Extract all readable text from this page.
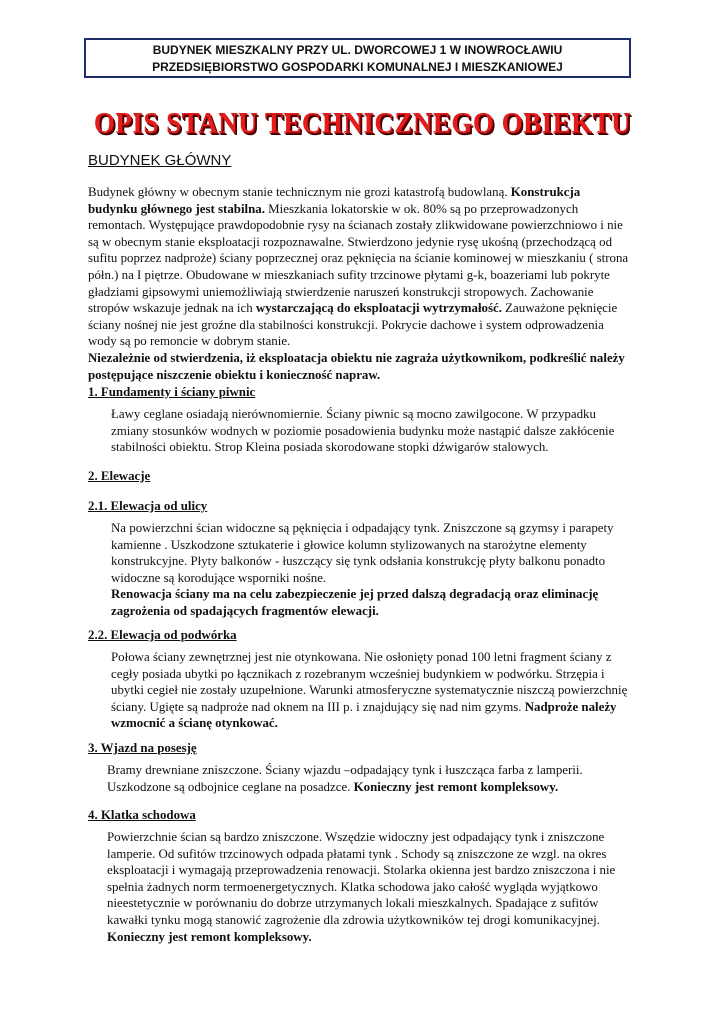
BUDYNEK MIESZKALNY PRZY UL. DWORCOWEJ 1 W INOWROCŁAWIU
PRZEDSIĘBIORSTWO GOSPODARKI KOMUNALNEJ I MIESZKANIOWEJ
OPIS STANU TECHNICZNEGO OBIEKTU
BUDYNEK GŁÓWNY

Budynek główny w obecnym stanie technicznym nie grozi katastrofą budowlaną. Konstrukcja budynku głównego jest stabilna. Mieszkania lokatorskie w ok. 80% są po przeprowadzonych remontach. Występujące prawdopodobnie rysy na ścianach zostały zlikwidowane powierzchniowo i nie są w obecnym stanie eksploatacji rozpoznawalne. Stwierdzono jedynie rysę ukośną (przechodzącą od sufitu poprzez nadproże) ściany poprzecznej oraz pęknięcia na ścianie kominowej w mieszkaniu ( strona półn.) na I piętrze. Obudowane w mieszkaniach sufity trzcinowe płytami g-k, boazeriami lub pokryte gładziami gipsowymi uniemożliwiają stwierdzenie naruszeń konstrukcji stropowych. Zachowanie stropów wskazuje jednak na ich wystarczającą do eksploatacji wytrzymałość. Zauważone pęknięcie ściany nośnej nie jest groźne dla stabilności konstrukcji. Pokrycie dachowe i system odprowadzenia wody są po remoncie w dobrym stanie.

Niezależnie od stwierdzenia, iż eksploatacja obiektu nie zagraża użytkownikom, podkreślić należy postępujące niszczenie obiektu i konieczność napraw.

1. Fundamenty i ściany piwnic

Ławy ceglane osiadają nierównomiernie. Ściany piwnic są mocno zawilgocone. W przypadku zmiany stosunków wodnych w poziomie posadowienia budynku może nastąpić dalsze zakłócenie stabilności obiektu. Strop Kleina posiada skorodowane stopki dźwigarów stalowych.

2. Elewacje
2.1. Elewacja od ulicy

Na powierzchni ścian widoczne są pęknięcia i odpadający tynk. Zniszczone są gzymsy i parapety kamienne . Uszkodzone sztukaterie i głowice kolumn stylizowanych na starożytne elementy konstrukcyjne. Płyty balkonów - łuszczący się tynk odsłania konstrukcję płyty balkonu ponadto widoczne są korodujące wsporniki nośne.

Renowacja ściany ma na celu zabezpieczenie jej przed dalszą degradacją oraz eliminację zagrożenia od spadających fragmentów elewacji.

2.2. Elewacja od podwórka

Połowa ściany zewnętrznej jest nie otynkowana. Nie osłonięty ponad 100 letni fragment ściany z cegły posiada ubytki po łącznikach z rozebranym wcześniej budynkiem w podwórku. Strzępia i ubytki cegieł nie zostały uzupełnione. Warunki atmosferyczne systematycznie niszczą powierzchnię ściany. Ugięte są nadproże nad oknem na III p. i znajdujący się nad nim gzyms. Nadproże należy wzmocnić a ścianę otynkować.

3. Wjazd na posesję

Bramy drewniane zniszczone. Ściany wjazdu –odpadający tynk i łuszcząca farba z lamperii. Uszkodzone są odbojnice ceglane na posadzce. Konieczny jest remont kompleksowy.

4. Klatka schodowa

Powierzchnie ścian są bardzo zniszczone. Wszędzie widoczny jest odpadający tynk i zniszczone lamperie. Od sufitów trzcinowych odpada płatami tynk . Schody są zniszczone ze wzgl. na okres eksploatacji i wymagają przeprowadzenia renowacji. Stolarka okienna jest bardzo zniszczona i nie spełnia żadnych norm termoenergetycznych. Klatka schodowa jako całość wygląda wyjątkowo nieestetycznie w porównaniu do dobrze utrzymanych lokali mieszkalnych. Spadające z sufitów kawałki tynku mogą stanowić zagrożenie dla zdrowia użytkowników tej drogi komunikacyjnej. Konieczny jest remont kompleksowy.
